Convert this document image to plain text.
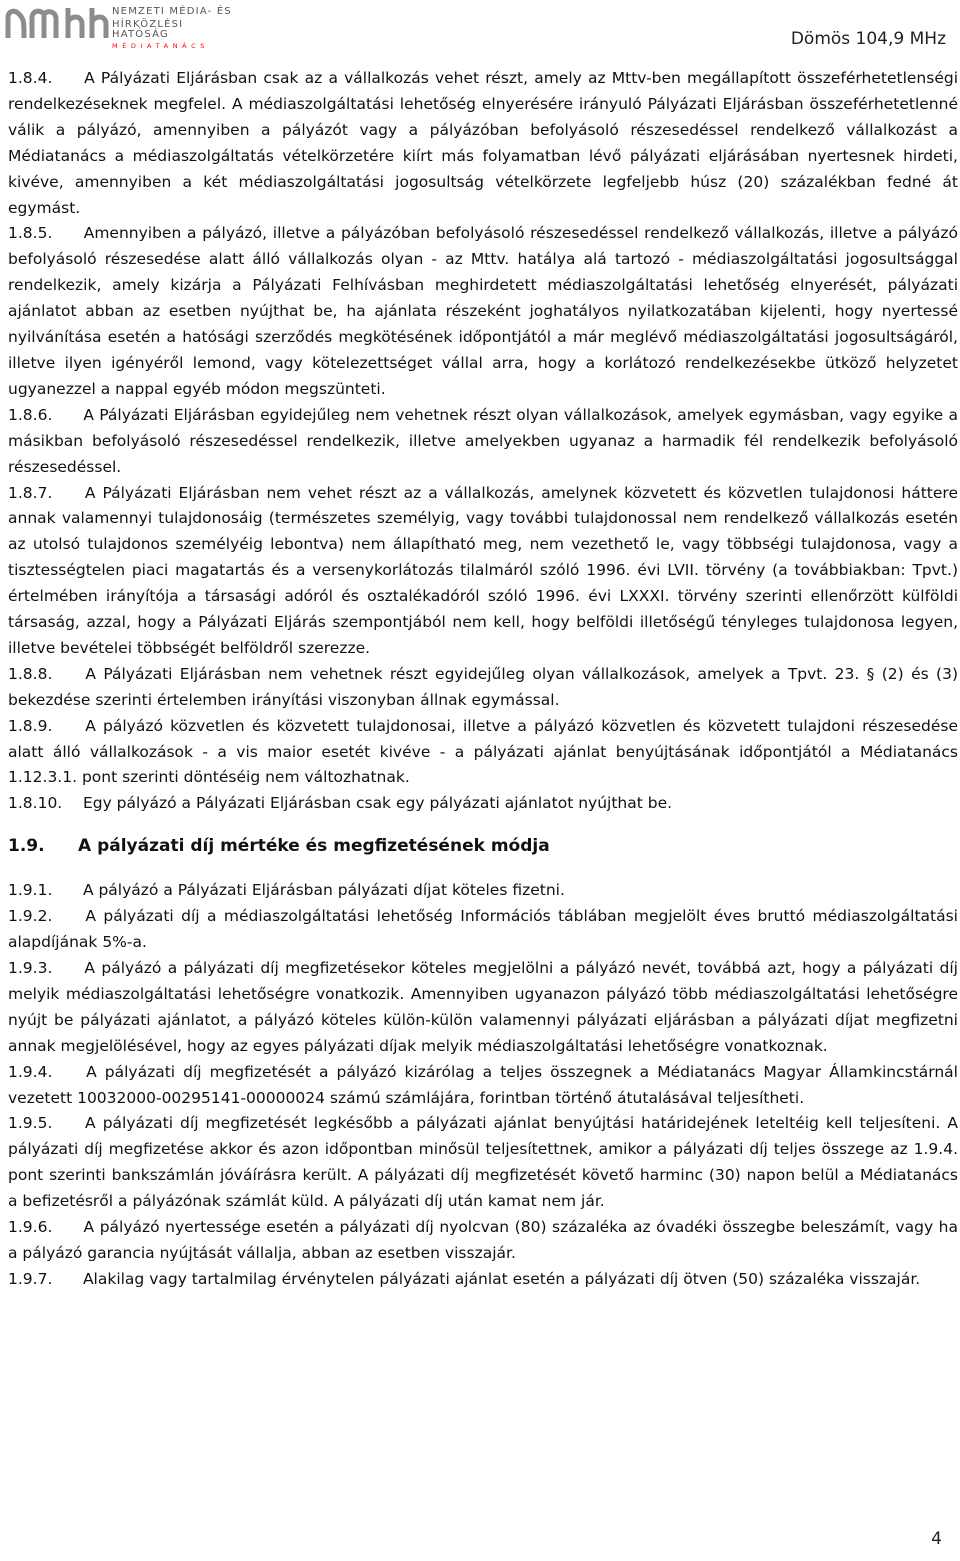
NEMZETI MÉDIA- ÉS
HÍRKÖZLÉSI HATÓSÁG
MÉDIATANÁCS	Dömös 104,9 MHz

1.8.4. A Pályázati Eljárásban csak az a vállalkozás vehet részt, amely az Mttv-ben megállapított összeférhetetlenségi rendelkezéseknek megfelel. A médiaszolgáltatási lehetőség elnyerésére irányuló Pályázati Eljárásban összeférhetetlenné válik a pályázó, amennyiben a pályázót vagy a pályázóban befolyásoló részesedéssel rendelkező vállalkozást a Médiatanács a médiaszolgáltatás vételkörzetére kiírt más folyamatban lévő pályázati eljárásában nyertesnek hirdeti, kivéve, amennyiben a két médiaszolgáltatási jogosultság vételkörzete legfeljebb húsz (20) százalékban fedné át egymást.

1.8.5. Amennyiben a pályázó, illetve a pályázóban befolyásoló részesedéssel rendelkező vállalkozás, illetve a pályázó befolyásoló részesedése alatt álló vállalkozás olyan - az Mttv. hatálya alá tartozó - médiaszolgáltatási jogosultsággal rendelkezik, amely kizárja a Pályázati Felhívásban meghirdetett médiaszolgáltatási lehetőség elnyerését, pályázati ajánlatot abban az esetben nyújthat be, ha ajánlata részeként joghatályos nyilatkozatában kijelenti, hogy nyertessé nyilvánítása esetén a hatósági szerződés megkötésének időpontjától a már meglévő médiaszolgáltatási jogosultságáról, illetve ilyen igényéről lemond, vagy kötelezettséget vállal arra, hogy a korlátozó rendelkezésekbe ütköző helyzetet ugyanezzel a nappal egyéb módon megszünteti.

1.8.6. A Pályázati Eljárásban egyidejűleg nem vehetnek részt olyan vállalkozások, amelyek egymásban, vagy egyike a másikban befolyásoló részesedéssel rendelkezik, illetve amelyekben ugyanaz a harmadik fél rendelkezik befolyásoló részesedéssel.

1.8.7. A Pályázati Eljárásban nem vehet részt az a vállalkozás, amelynek közvetett és közvetlen tulajdonosi háttere annak valamennyi tulajdonosáig (természetes személyig, vagy további tulajdonossal nem rendelkező vállalkozás esetén az utolsó tulajdonos személyéig lebontva) nem állapítható meg, nem vezethető le, vagy többségi tulajdonosa, vagy a tisztességtelen piaci magatartás és a versenykorlátozás tilalmáról szóló 1996. évi LVII. törvény (a továbbiakban: Tpvt.) értelmében irányítója a társasági adóról és osztalékadóról szóló 1996. évi LXXXI. törvény szerinti ellenőrzött külföldi társaság, azzal, hogy a Pályázati Eljárás szempontjából nem kell, hogy belföldi illetőségű tényleges tulajdonosa legyen, illetve bevételei többségét belföldről szerezze.

1.8.8. A Pályázati Eljárásban nem vehetnek részt egyidejűleg olyan vállalkozások, amelyek a Tpvt. 23. § (2) és (3) bekezdése szerinti értelemben irányítási viszonyban állnak egymással.

1.8.9. A pályázó közvetlen és közvetett tulajdonosai, illetve a pályázó közvetlen és közvetett tulajdoni részesedése alatt álló vállalkozások - a vis maior esetét kivéve - a pályázati ajánlat benyújtásának időpontjától a Médiatanács 1.12.3.1. pont szerinti döntéséig nem változhatnak.

1.8.10. Egy pályázó a Pályázati Eljárásban csak egy pályázati ajánlatot nyújthat be.

1.9.	A pályázati díj mértéke és megfizetésének módja

1.9.1. A pályázó a Pályázati Eljárásban pályázati díjat köteles fizetni.

1.9.2. A pályázati díj a médiaszolgáltatási lehetőség Információs táblában megjelölt éves bruttó médiaszolgáltatási alapdíjának 5%-a.

1.9.3. A pályázó a pályázati díj megfizetésekor köteles megjelölni a pályázó nevét, továbbá azt, hogy a pályázati díj melyik médiaszolgáltatási lehetőségre vonatkozik. Amennyiben ugyanazon pályázó több médiaszolgáltatási lehetőségre nyújt be pályázati ajánlatot, a pályázó köteles külön-külön valamennyi pályázati eljárásban a pályázati díjat megfizetni annak megjelölésével, hogy az egyes pályázati díjak melyik médiaszolgáltatási lehetőségre vonatkoznak.

1.9.4. A pályázati díj megfizetését a pályázó kizárólag a teljes összegnek a Médiatanács Magyar Államkincstárnál vezetett 10032000-00295141-00000024 számú számlájára, forintban történő átutalásával teljesítheti.

1.9.5. A pályázati díj megfizetését legkésőbb a pályázati ajánlat benyújtási határidejének leteltéig kell teljesíteni. A pályázati díj megfizetése akkor és azon időpontban minősül teljesítettnek, amikor a pályázati díj teljes összege az 1.9.4. pont szerinti bankszámlán jóváírásra került. A pályázati díj megfizetését követő harminc (30) napon belül a Médiatanács a befizetésről a pályázónak számlát küld. A pályázati díj után kamat nem jár.

1.9.6. A pályázó nyertessége esetén a pályázati díj nyolcvan (80) százaléka az óvadéki összegbe beleszámít, vagy ha a pályázó garancia nyújtását vállalja, abban az esetben visszajár.

1.9.7. Alakilag vagy tartalmilag érvénytelen pályázati ajánlat esetén a pályázati díj ötven (50) százaléka visszajár.

4
